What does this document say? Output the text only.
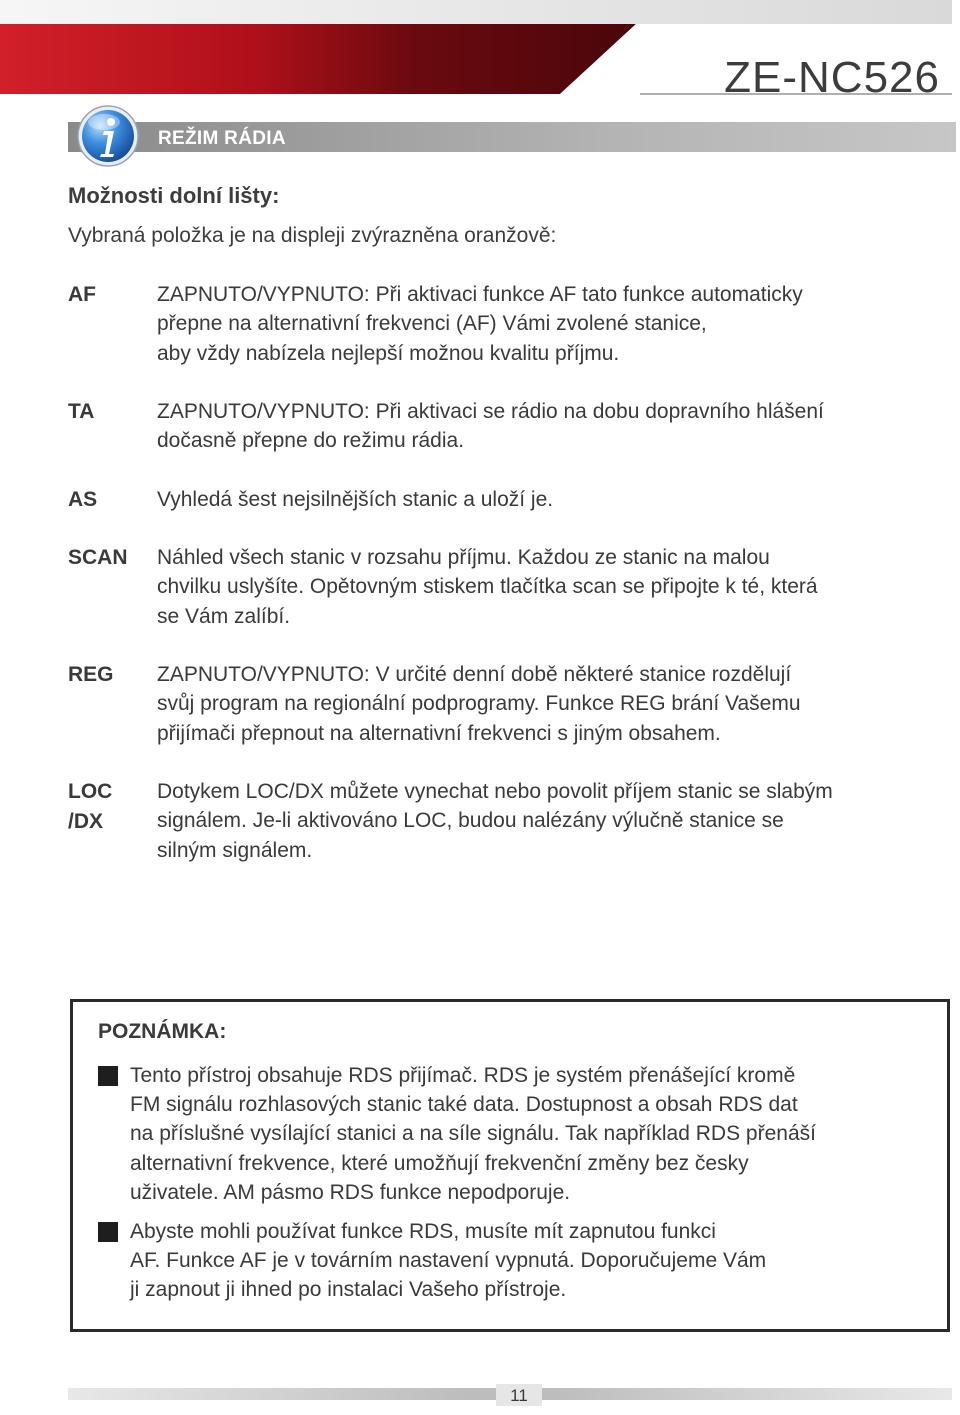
ZE-NC526
REŽIM RÁDIA
Možnosti dolní lišty:
Vybraná položka je na displeji zvýrazněna oranžově:
AF	ZAPNUTO/VYPNUTO: Při aktivaci funkce AF tato funkce automaticky
přepne na alternativní frekvenci (AF) Vámi zvolené stanice,
aby vždy nabízela nejlepší možnou kvalitu příjmu.
TA	ZAPNUTO/VYPNUTO: Při aktivaci se rádio na dobu dopravního hlášení
dočasně přepne do režimu rádia.
AS	Vyhledá šest nejsilnějších stanic a uloží je.
SCAN Náhled všech stanic v rozsahu příjmu. Každou ze stanic na malou
chvilku uslyšíte. Opětovným stiskem tlačítka scan se připojte k té, která
se Vám zalíbí.
REG ZAPNUTO/VYPNUTO: V určité denní době některé stanice rozdělují
svůj program na regionální podprogramy. Funkce REG brání Vašemu
přijímači přepnout na alternativní frekvenci s jiným obsahem.
LOC
/DX
Dotykem LOC/DX můžete vynechat nebo povolit příjem stanic se slabým
signálem. Je-li aktivováno LOC, budou nalézány výlučně stanice se
silným signálem.
POZNÁMKA:
Tento přístroj obsahuje RDS přijímač. RDS je systém přenášející kromě
FM signálu rozhlasových stanic také data. Dostupnost a obsah RDS dat
na příslušné vysílající stanici a na síle signálu. Tak například RDS přenáší
alternativní frekvence, které umožňují frekvenční změny bez česky
uživatele. AM pásmo RDS funkce nepodporuje.
Abyste mohli používat funkce RDS, musíte mít zapnutou funkci
AF. Funkce AF je v továrním nastavení vypnutá. Doporučujeme Vám
ji zapnout ji ihned po instalaci Vašeho přístroje.
11
